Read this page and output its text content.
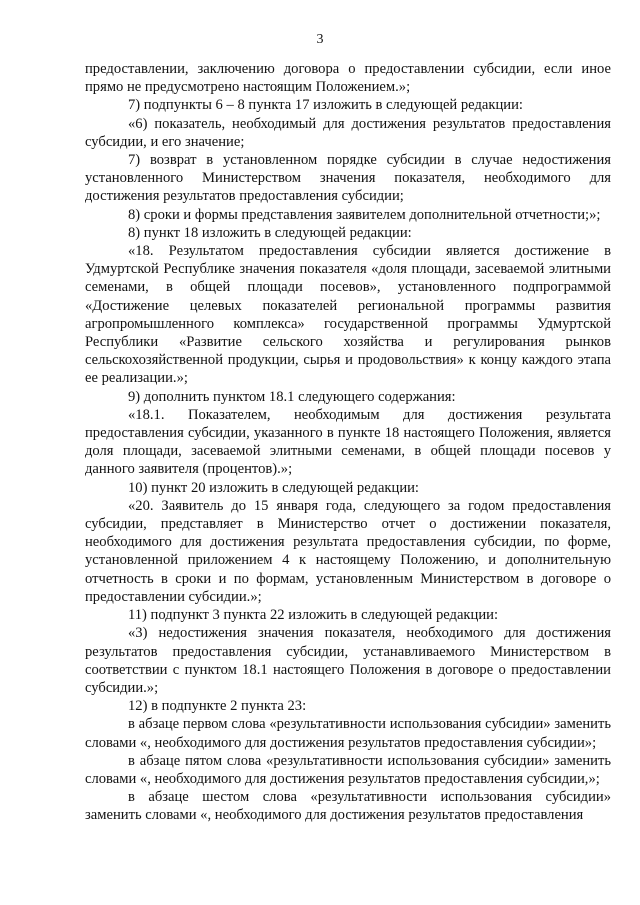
3

предоставлении, заключению договора о предоставлении субсидии, если иное прямо не предусмотрено настоящим Положением.»;

7) подпункты 6 – 8 пункта 17 изложить в следующей редакции:

«6) показатель, необходимый для достижения результатов предоставления субсидии, и его значение;

7) возврат в установленном порядке субсидии в случае недостижения установленного Министерством значения показателя, необходимого для достижения результатов предоставления субсидии;

8) сроки и формы представления заявителем дополнительной отчетности;»;

8) пункт 18 изложить в следующей редакции:

«18. Результатом предоставления субсидии является достижение в Удмуртской Республике значения показателя «доля площади, засеваемой элитными семенами, в общей площади посевов», установленного подпрограммой «Достижение целевых показателей региональной программы развития агропромышленного комплекса» государственной программы Удмуртской Республики «Развитие сельского хозяйства и регулирования рынков сельскохозяйственной продукции, сырья и продовольствия» к концу каждого этапа ее реализации.»;

9) дополнить пунктом 18.1 следующего содержания:

«18.1. Показателем, необходимым для достижения результата предоставления субсидии, указанного в пункте 18 настоящего Положения, является доля площади, засеваемой элитными семенами, в общей площади посевов у данного заявителя (процентов).»;

10) пункт 20 изложить в следующей редакции:

«20. Заявитель до 15 января года, следующего за годом предоставления субсидии, представляет в Министерство отчет о достижении показателя, необходимого для достижения результата предоставления субсидии, по форме, установленной приложением 4 к настоящему Положению, и дополнительную отчетность в сроки и по формам, установленным Министерством в договоре о предоставлении субсидии.»;

11) подпункт 3 пункта 22 изложить в следующей редакции:

«3) недостижения значения показателя, необходимого для достижения результатов предоставления субсидии, устанавливаемого Министерством в соответствии с пунктом 18.1 настоящего Положения в договоре о предоставлении субсидии.»;

12) в подпункте 2 пункта 23:

в абзаце первом слова «результативности использования субсидии» заменить словами «, необходимого для достижения результатов предоставления субсидии»;

в абзаце пятом слова «результативности использования субсидии» заменить словами «, необходимого для достижения результатов предоставления субсидии,»;

в абзаце шестом слова «результативности использования субсидии» заменить словами «, необходимого для достижения результатов предоставления
